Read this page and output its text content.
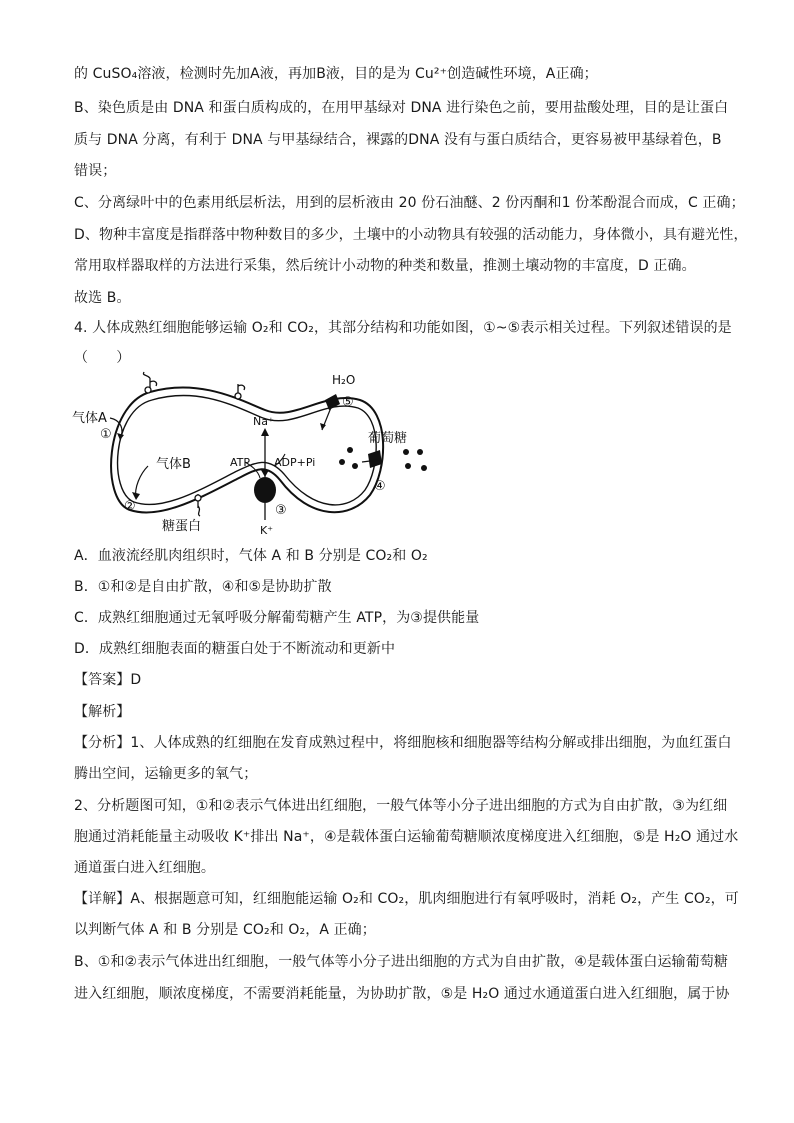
的 CuSO₄溶液，检测时先加A液，再加B液，目的是为 Cu²⁺创造碱性环境，A正确；
B、染色质是由 DNA 和蛋白质构成的，在用甲基绿对 DNA 进行染色之前，要用盐酸处理，目的是让蛋白
质与 DNA 分离，有利于 DNA 与甲基绿结合，裸露的DNA 没有与蛋白质结合，更容易被甲基绿着色，B
错误；
C、分离绿叶中的色素用纸层析法，用到的层析液由 20 份石油醚、2 份丙酮和1 份苯酚混合而成，C 正确；
D、物种丰富度是指群落中物种数目的多少，土壤中的小动物具有较强的活动能力，身体微小，具有避光性，
常用取样器取样的方法进行采集，然后统计小动物的种类和数量，推测土壤动物的丰富度，D 正确。
故选 B。
4. 人体成熟红细胞能够运输 O₂和 CO₂，其部分结构和功能如图，①~⑤表示相关过程。下列叙述错误的是
（　　）
气体A
①
气体B
②
糖蛋白
Na⁺
ATP ADP+Pi
③
K⁺
H₂O
⑤
葡萄糖
④
A．血液流经肌肉组织时，气体 A 和 B 分别是 CO₂和 O₂
B．①和②是自由扩散，④和⑤是协助扩散
C．成熟红细胞通过无氧呼吸分解葡萄糖产生 ATP，为③提供能量
D．成熟红细胞表面的糖蛋白处于不断流动和更新中
【答案】D
【解析】
【分析】1、人体成熟的红细胞在发育成熟过程中，将细胞核和细胞器等结构分解或排出细胞，为血红蛋白
腾出空间，运输更多的氧气；
2、分析题图可知，①和②表示气体进出红细胞，一般气体等小分子进出细胞的方式为自由扩散，③为红细
胞通过消耗能量主动吸收 K⁺排出 Na⁺，④是载体蛋白运输葡萄糖顺浓度梯度进入红细胞，⑤是 H₂O 通过水
通道蛋白进入红细胞。
【详解】A、根据题意可知，红细胞能运输 O₂和 CO₂，肌肉细胞进行有氧呼吸时，消耗 O₂，产生 CO₂，可
以判断气体 A 和 B 分别是 CO₂和 O₂，A 正确；
B、①和②表示气体进出红细胞，一般气体等小分子进出细胞的方式为自由扩散，④是载体蛋白运输葡萄糖
进入红细胞，顺浓度梯度，不需要消耗能量，为协助扩散，⑤是 H₂O 通过水通道蛋白进入红细胞，属于协
